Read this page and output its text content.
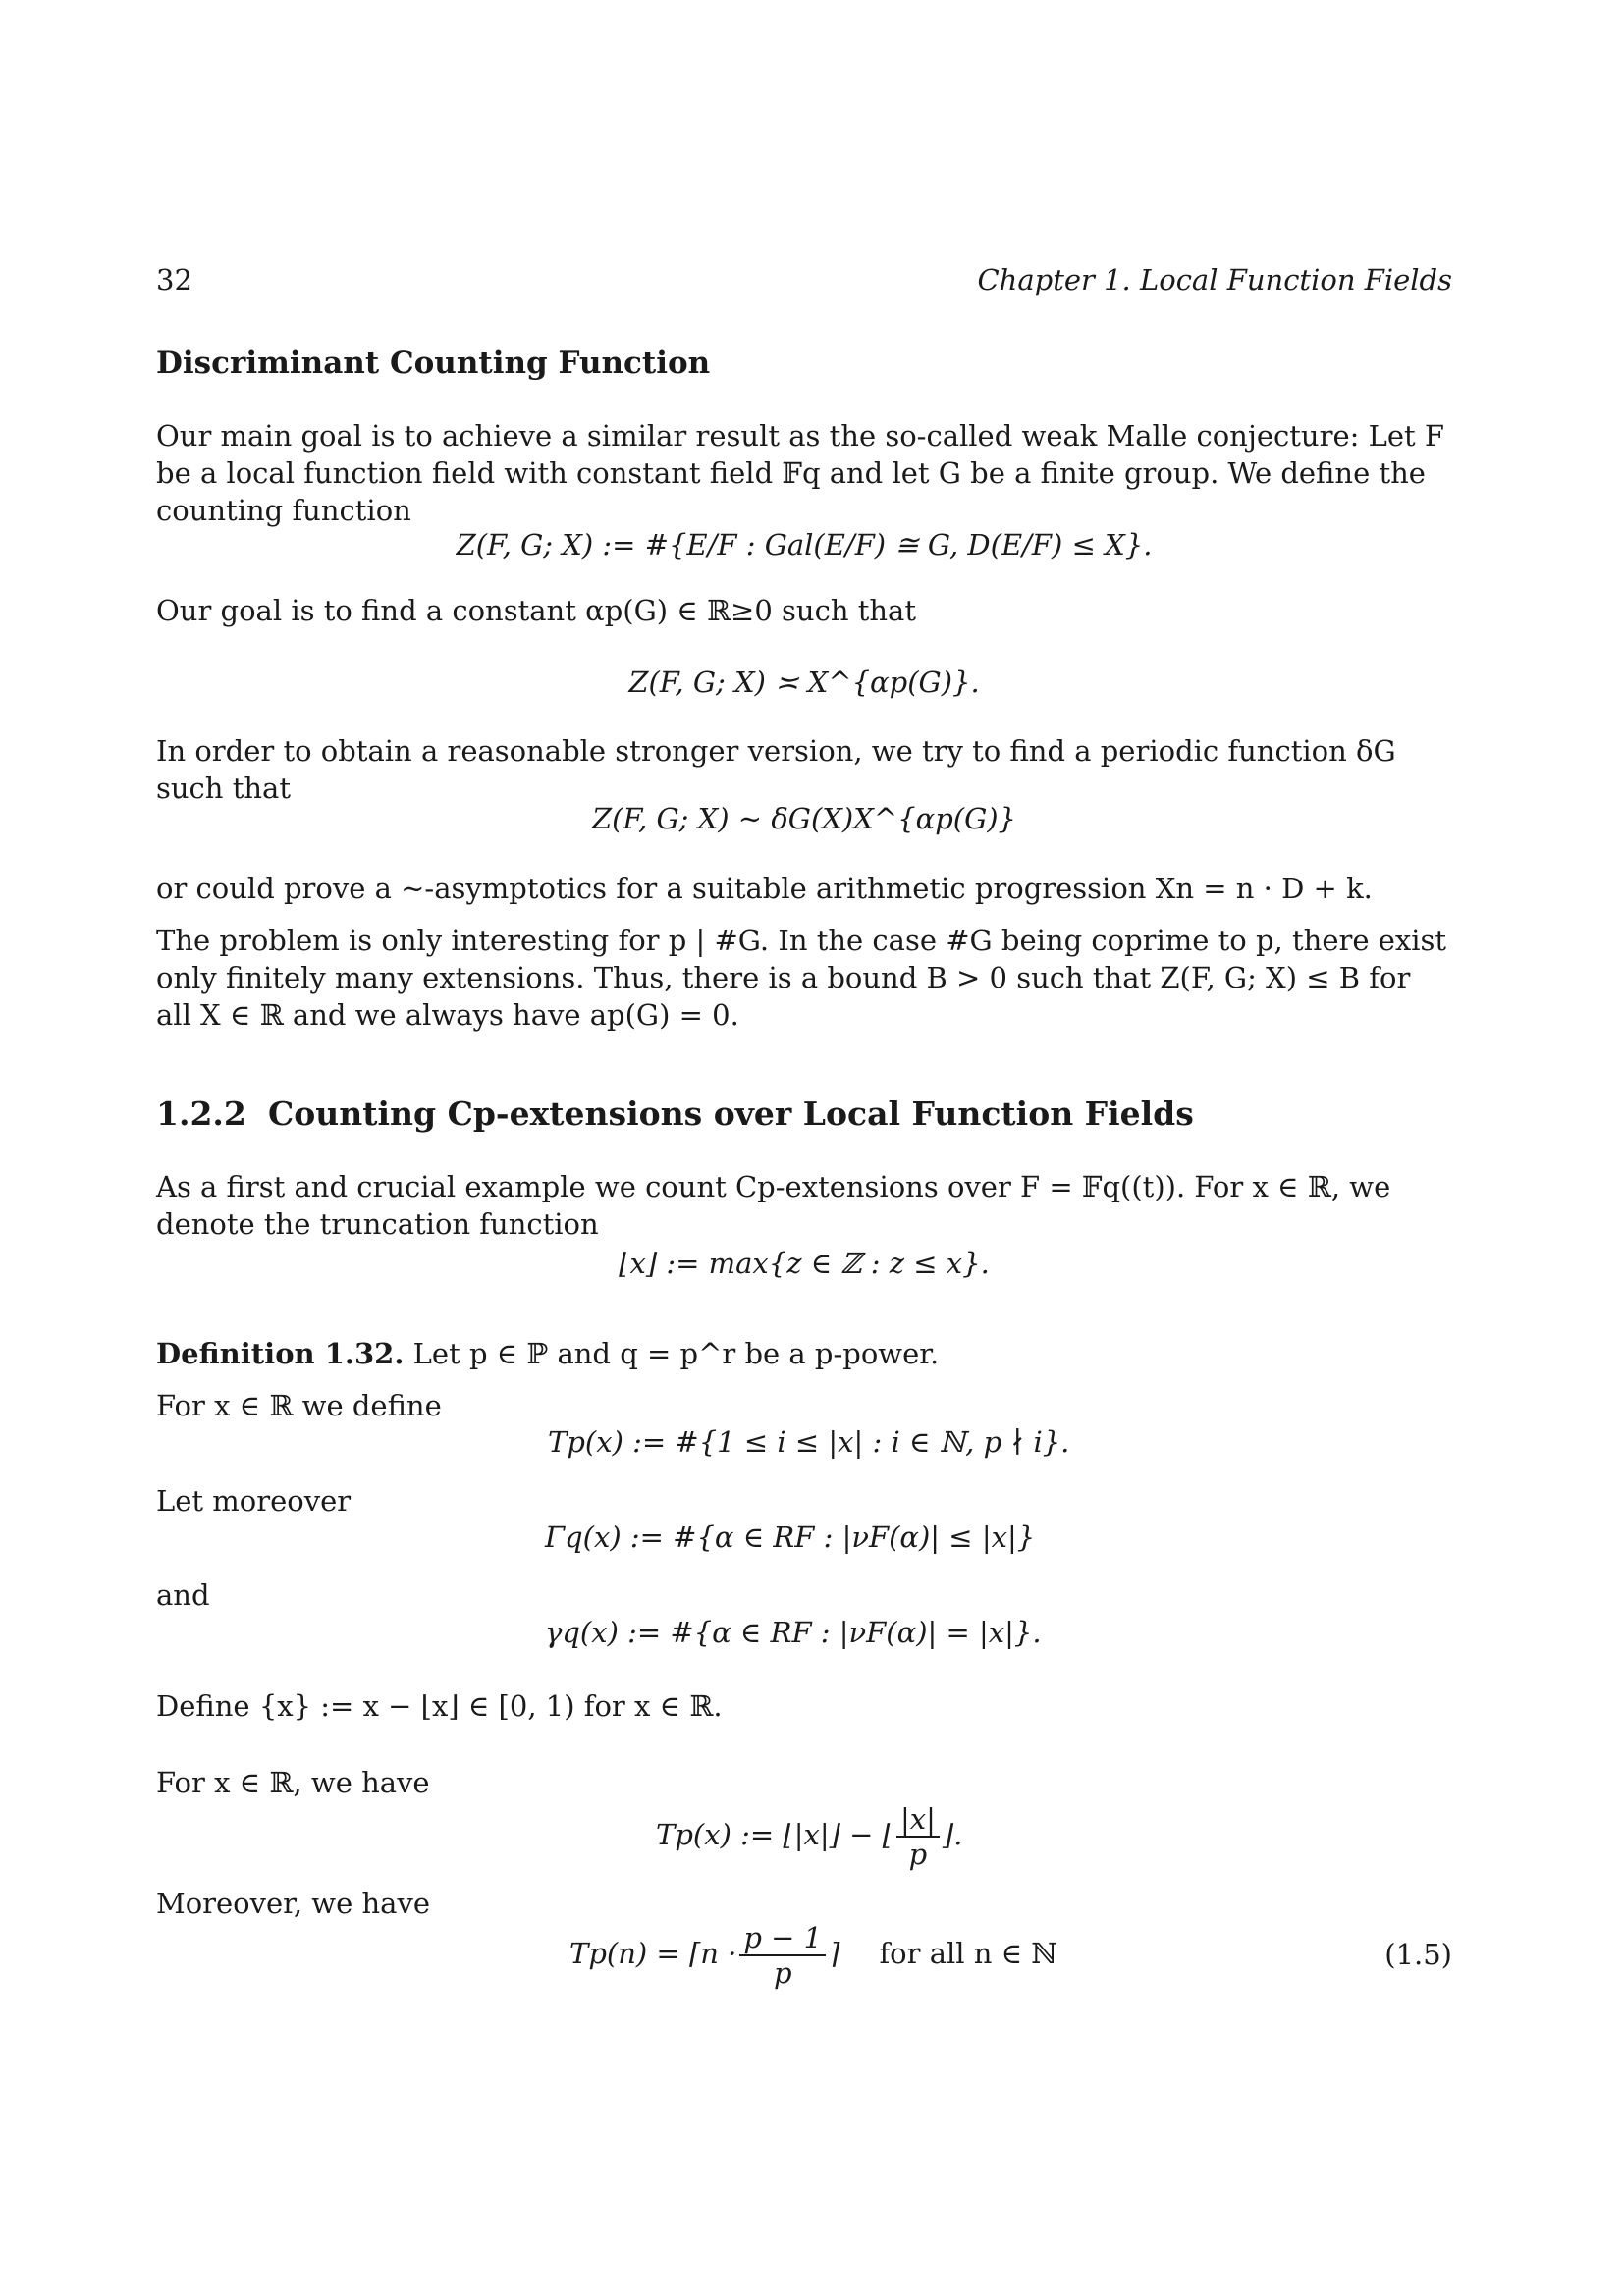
32	Chapter 1. Local Function Fields
Discriminant Counting Function
Our main goal is to achieve a similar result as the so-called weak Malle conjecture: Let F be a local function field with constant field 𝔽q and let G be a finite group. We define the counting function
Z(F, G; X) := #{E/F : Gal(E/F) ≅ G, D(E/F) ≤ X}.
Our goal is to find a constant αp(G) ∈ ℝ≥0 such that
Z(F, G; X) ≍ X^{αp(G)}.
In order to obtain a reasonable stronger version, we try to find a periodic function δG such that
Z(F, G; X) ∼ δG(X)X^{αp(G)}
or could prove a ∼-asymptotics for a suitable arithmetic progression Xn = n · D + k.
The problem is only interesting for p | #G. In the case #G being coprime to p, there exist only finitely many extensions. Thus, there is a bound B > 0 such that Z(F, G; X) ≤ B for all X ∈ ℝ and we always have ap(G) = 0.
1.2.2 Counting Cp-extensions over Local Function Fields
As a first and crucial example we count Cp-extensions over F = 𝔽q((t)). For x ∈ ℝ, we denote the truncation function
⌊x⌋ := max{z ∈ ℤ : z ≤ x}.
Definition 1.32. Let p ∈ ℙ and q = p^r be a p-power.
For x ∈ ℝ we define
Tp(x) := #{1 ≤ i ≤ |x| : i ∈ ℕ, p ∤ i}.
Let moreover
Γq(x) := #{α ∈ RF : |νF(α)| ≤ |x|}
and
γq(x) := #{α ∈ RF : |νF(α)| = |x|}.
Define {x} := x − ⌊x⌋ ∈ [0, 1) for x ∈ ℝ.
For x ∈ ℝ, we have
Tp(x) := ⌊|x|⌋ − ⌊ $\frac{|x|}{p}$ ⌋.
Moreover, we have
Tp(n) = ⌈n · $\frac{p - 1}{p}$ ⌉ for all n ∈ ℕ	(1.5)
